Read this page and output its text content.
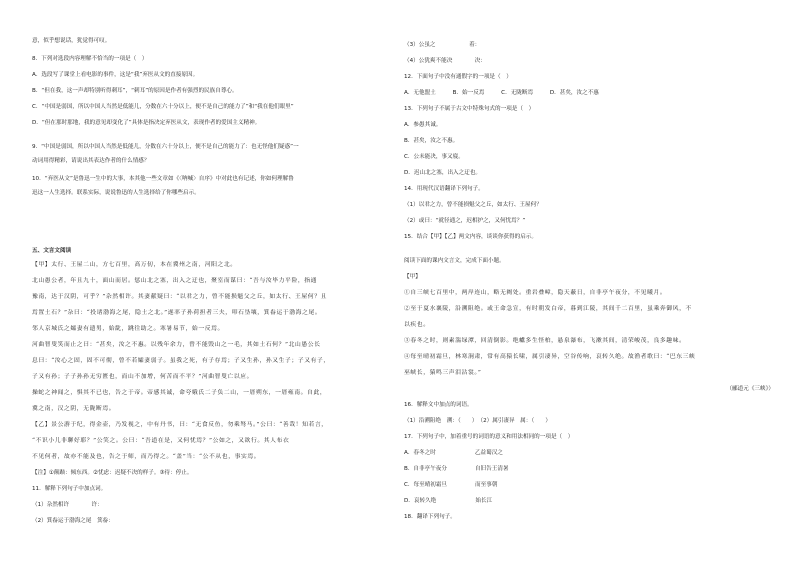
意，似乎想说话，犹觉得可叹。
8．下列对选段内容理解不恰当的一项是（　）
A．选段写了课堂上看电影的事件，这是“我”弃医从文的直接原因。
B．“但在我，这一声却特别听得刺耳”，“刺耳”的原因是作者有强烈的民族自尊心。
C．“中国是弱国，所以中国人当然是低能儿，分数在六十分以上，便不是自己的能力了”和“我在他们眼里”
D．“但在那时那地，我的意见却变化了”具体是指决定弃医从文，表现作者的爱国主义精神。
9．“中国是弱国，所以中国人当然是低能儿，分数在六十分以上，便不是自己的能力了：也无怪他们疑惑”一
动词用得精彩，请说出其表达作者的什么情感？
10．“弃医从文”是鲁迅一生中的大事，本其他一些文章如《〈呐喊〉自序》中对此也有记述，你如何理解鲁
迅这一人生选择。联系实际，说说鲁迅的人生选择给了你哪些启示。
五、文言文阅读
【甲】太行、王屋二山，方七百里，高万仞，本在冀州之南，河阳之北。
北山愚公者，年且九十，面山而居。惩山北之塞，出入之迂也，聚室而谋曰：“吾与汝毕力平险，指通
豫南，达于汉阴，可乎？”杂然相许。其妻献疑曰：“以君之力，曾不能损魁父之丘，如太行、王屋何？且
焉置土石？”杂曰：“投诸渤海之尾，隐土之北。”遂率子孙荷担者三夫，叩石垦壤，箕畚运于渤海之尾。
邻人京城氏之孀妻有遗男，始龀，跳往助之。寒暑易节，始一反焉。
河曲智叟笑而止之曰：“甚矣，汝之不惠。以残年余力，曾不能毁山之一毛，其如土石何？”北山愚公长
息曰：“汝心之固，固不可彻，曾不若孀妻弱子。虽我之死，有子存焉；子又生孙，孙又生子；子又有子，
子又有孙；子子孙孙无穷匮也，而山不加增，何苦而不平？”河曲智叟亡以应。
操蛇之神闻之，惧其不已也，告之于帝。帝感其诚，命夸娥氏二子负二山，一厝朔东，一厝雍南。自此，
冀之南，汉之阴，无陇断焉。
【乙】景公游于纪，得金壶，乃发视之，中有丹书，曰：“无食反鱼，勿乘驽马。”公曰：“善哉！知若言，
“不识小儿非聊好耶？”公笑之。公曰：“吾道在是，又何忧焉？”公如之，又欲行。其人布衣
不见何者，故亦不能及也，告之于师，而乃得之。“盖”当：“公不从也，事实焉。
【注】①颠踬：倾东西。②忧虑：迟疑不决的样子。③待：停止。
11．解释下列句子中加点词。
（1）杂然相许　　　　许：
（2）箕畚运于渤海之尾　箕畚：
（3）公虽之　　　　　　着：
（4）公犹爽不能决　　　　决：
12．下面句子中没有通假字的一项是（　）
A．无他盟土　　　B．始一反焉　　　C．无陇断焉　　　D．甚矣，汝之不惠
13．下列句子不属于古文中特殊句式的一项是（　）
A．参愚其诚。
B．甚矣，汝之不惠。
C．公未能决，事又寝。
D．迟山北之塞，出入之迂也。
14．用现代汉语翻译下列句子。
（1）以君之力，曾不能损魁父之丘，如太行、王屋何？
（2）或曰：“就径通之，迟相护之，又何忧焉？”
15．结合【甲】【乙】两文内容，谈谈你获得的启示。
阅读下面的课内文言文，完成下面小题。
【甲】
①自三峡七百里中，两岸连山，略无阙处。重岩叠嶂，隐天蔽日，自非亭午夜分，不见曦月。
②至于夏水襄陵，沿溯阻绝。或王命急宣，有时朝发白帝，暮到江陵，其间千二百里，虽乘奔御风，不
以疾也。
③春冬之时，则素湍绿潭，回清倒影。绝巘多生怪柏，悬泉瀑布，飞漱其间，清荣峻茂，良多趣味。
④每至晴初霜旦，林寒涧肃，常有高猿长啸，属引凄异，空谷传响，哀转久绝。故渔者歌曰：“巴东三峡
巫峡长，猿鸣三声泪沾裳。”
（郦道元《三峡》）
16．解释文中加点的词语。
（1）沿溯阻绝　溯：（　　）　（2）属引凄异　属：（　　）
17．下列句子中，加着重号的词语的意义和用法相同的一项是（　）
A．春冬之时　　　　　　　乙益蜀汉之
B．自非亭午夜分　　　　　自旧告王清暑
C．每至晴初霜旦　　　　　而至事朝
D．哀转久绝　　　　　　　始长江
18．翻译下列句子。
